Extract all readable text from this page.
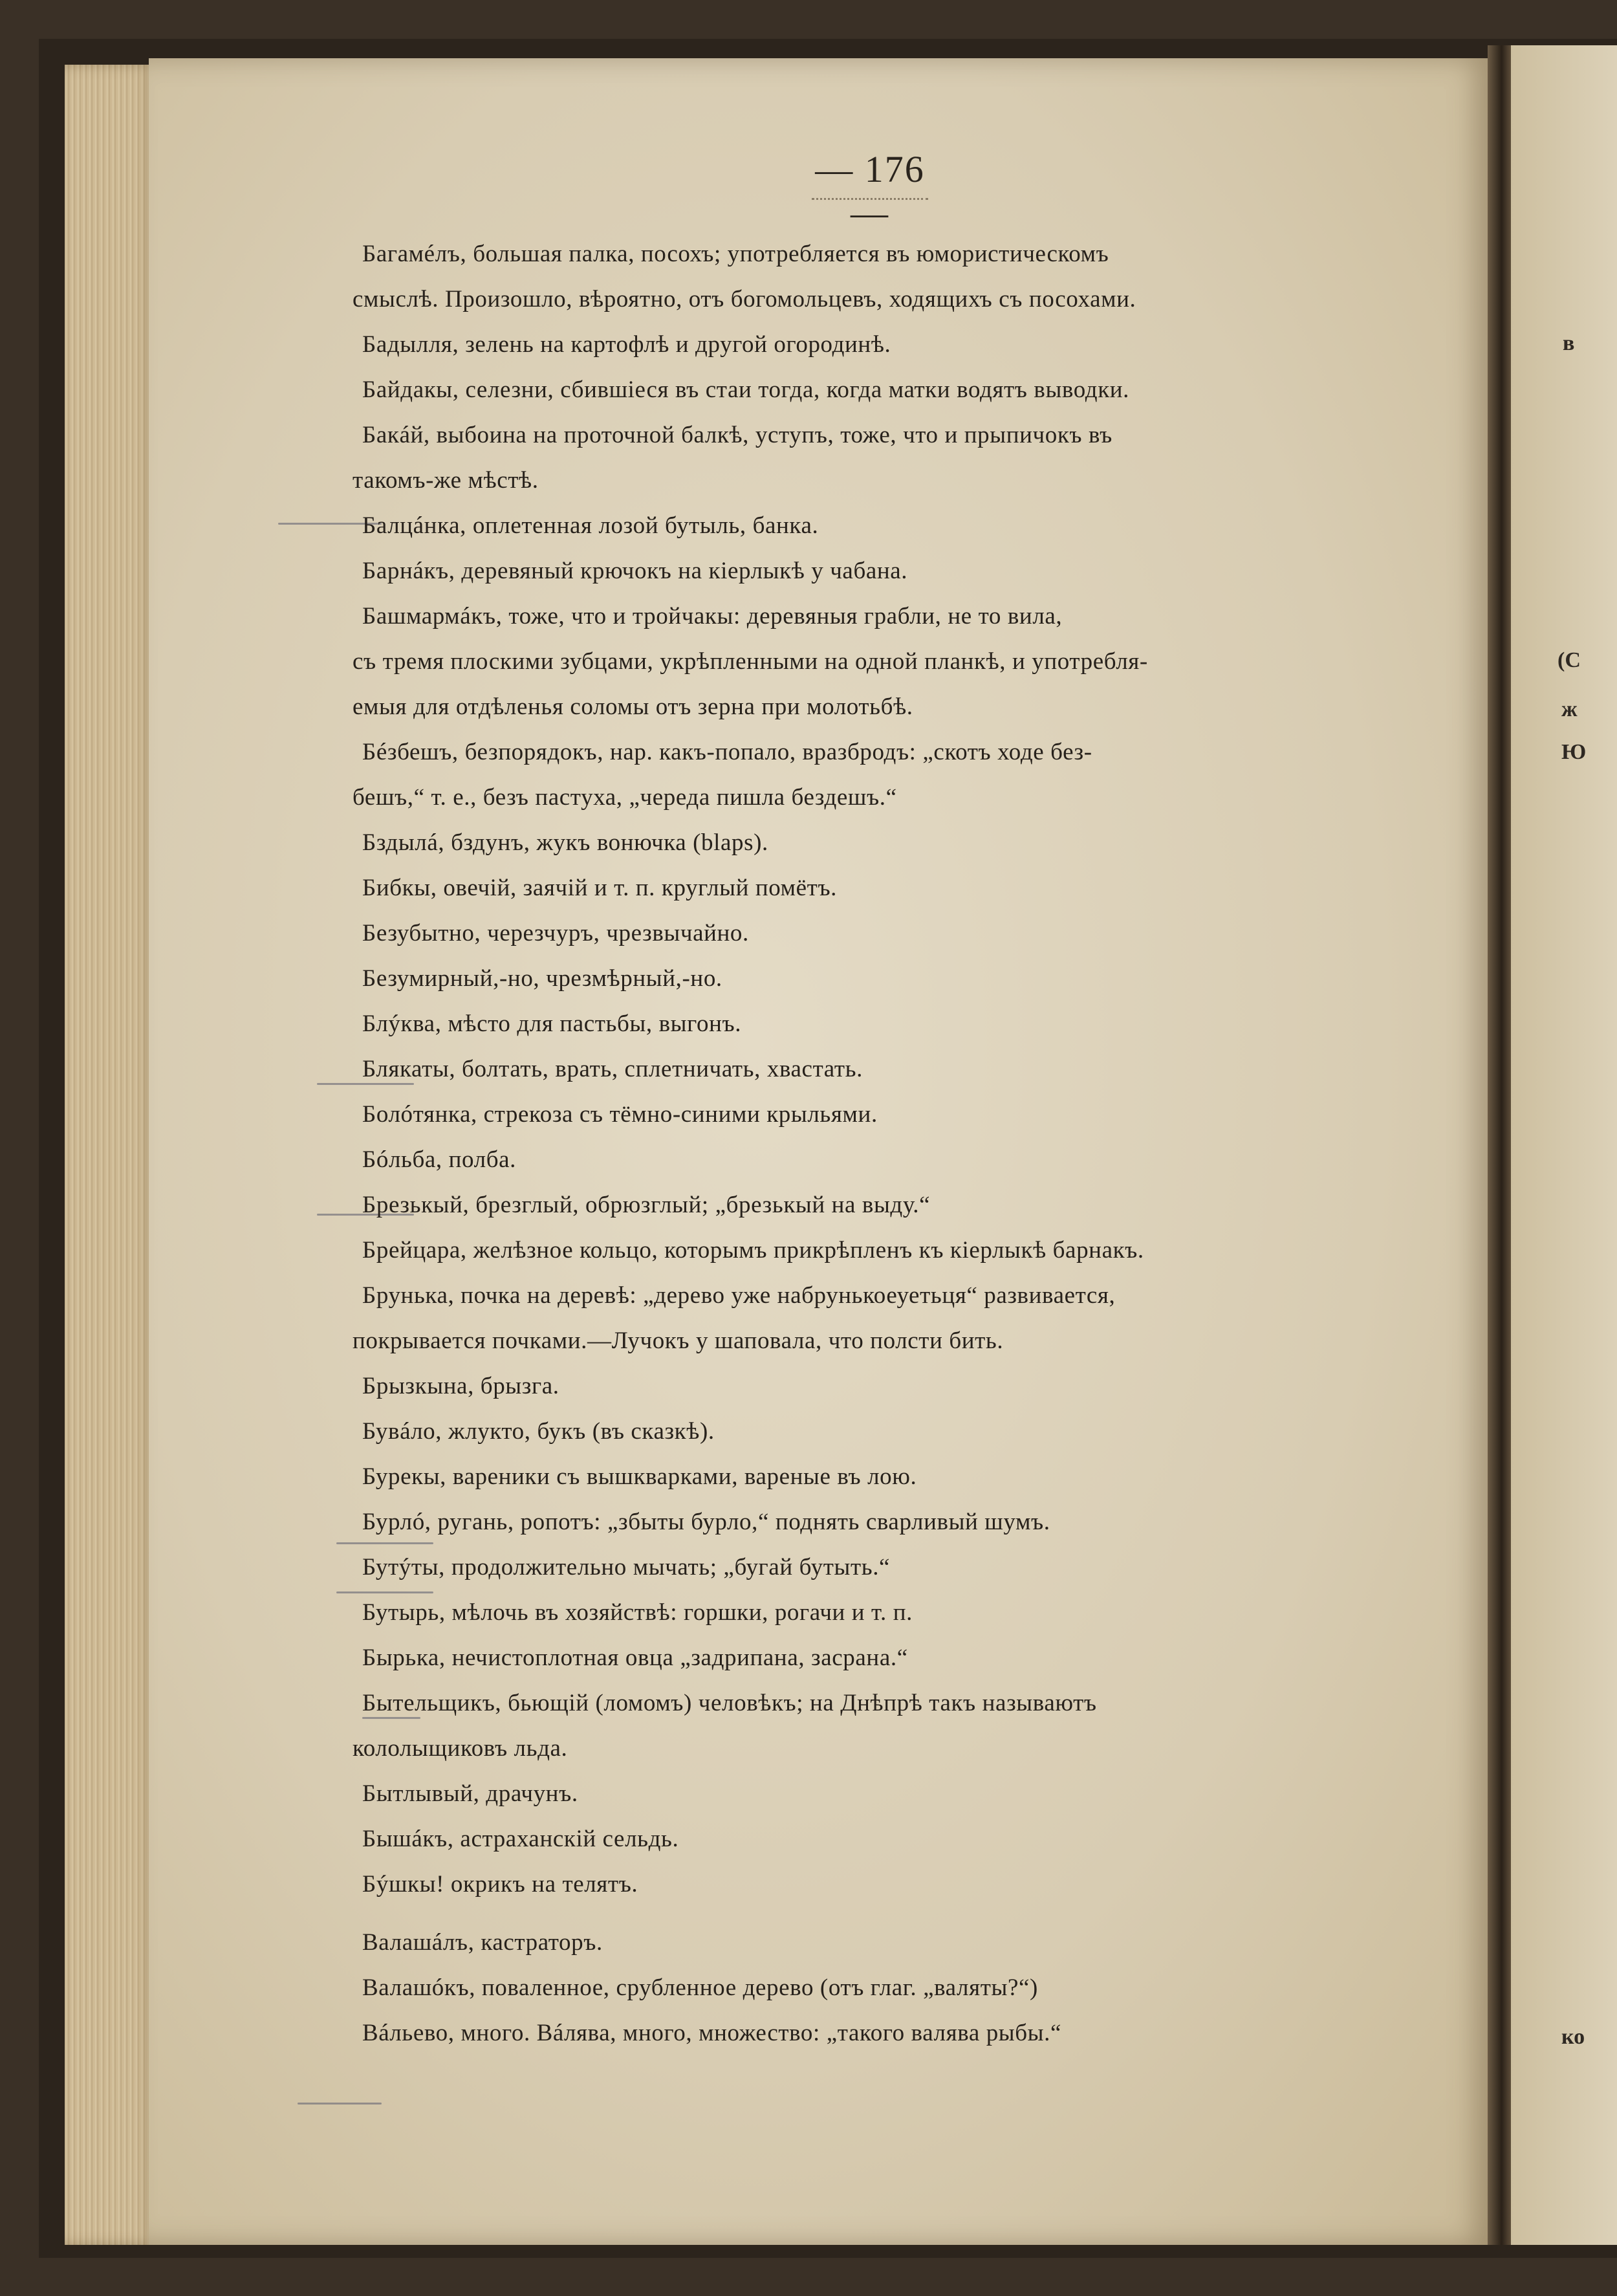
в
(С
ж
Ю
ко
— 176 —
Багамéлъ, большая палка, посохъ; употребляется въ юмористическомъ
смыслѣ. Произошло, вѣроятно, отъ богомольцевъ, ходящихъ съ посохами.
Бадылля, зелень на картофлѣ и другой огородинѣ.
Байдакы, селезни, сбившiеся въ стаи тогда, когда матки водятъ выводки.
Бакáй, выбоина на проточной балкѣ, уступъ, тоже, что и прыпичокъ въ
такомъ-же мѣстѣ.
Балцáнка, оплетенная лозой бутыль, банка.
Барнáкъ, деревяный крючокъ на кiерлыкѣ у чабана.
Башмармáкъ, тоже, что и тройчакы: деревяныя грабли, не то вила,
съ тремя плоскими зубцами, укрѣпленными на одной планкѣ, и употребля-
емыя для отдѣленья соломы отъ зерна при молотьбѣ.
Бéзбешъ, безпорядокъ, нар. какъ-попало, вразбродъ: „скотъ ходе без-
бешъ,“ т. е., безъ пастуха, „череда пишла бездешъ.“
Бздылá, бздунъ, жукъ вонючка (blaps).
Бибкы, овечiй, заячiй и т. п. круглый помётъ.
Безубытно, черезчуръ, чрезвычайно.
Безумирный,-но, чрезмѣрный,-но.
Блýква, мѣсто для пастьбы, выгонъ.
Блякаты, болтать, врать, сплетничать, хвастать.
Болóтянка, стрекоза съ тёмно-синими крыльями.
Бóльба, полба.
Брезькый, брезглый, обрюзглый; „брезькый на выду.“
Брейцара, желѣзное кольцо, которымъ прикрѣпленъ къ кiерлыкѣ барнакъ.
Брунька, почка на деревѣ: „дерево уже набрунькоеуетьця“ развивается,
покрывается почками.—Лучокъ у шаповала, что полсти бить.
Брызкына, брызга.
Бувáло, жлукто, букъ (въ сказкѣ).
Бурекы, вареники съ вышкварками, вареные въ лою.
Бурлó, ругань, ропотъ: „збыты бурло,“ поднять сварливый шумъ.
Бутýты, продолжительно мычать; „бугай бутыть.“
Бутырь, мѣлочь въ хозяйствѣ: горшки, рогачи и т. п.
Бырька, нечистоплотная овца „задрипана, засрана.“
Бытельщикъ, бьющiй (ломомъ) человѣкъ; на Днѣпрѣ такъ называютъ
кололыщиковъ льда.
Бытлывый, драчунъ.
Бышáкъ, астраханскiй сельдь.
Бýшкы! окрикъ на телятъ.
Валашáлъ, кастраторъ.
Валашóкъ, поваленное, срубленное дерево (отъ глаг. „валяты?“)
Вáльево, много. Вáлява, много, множество: „такого валява рыбы.“
